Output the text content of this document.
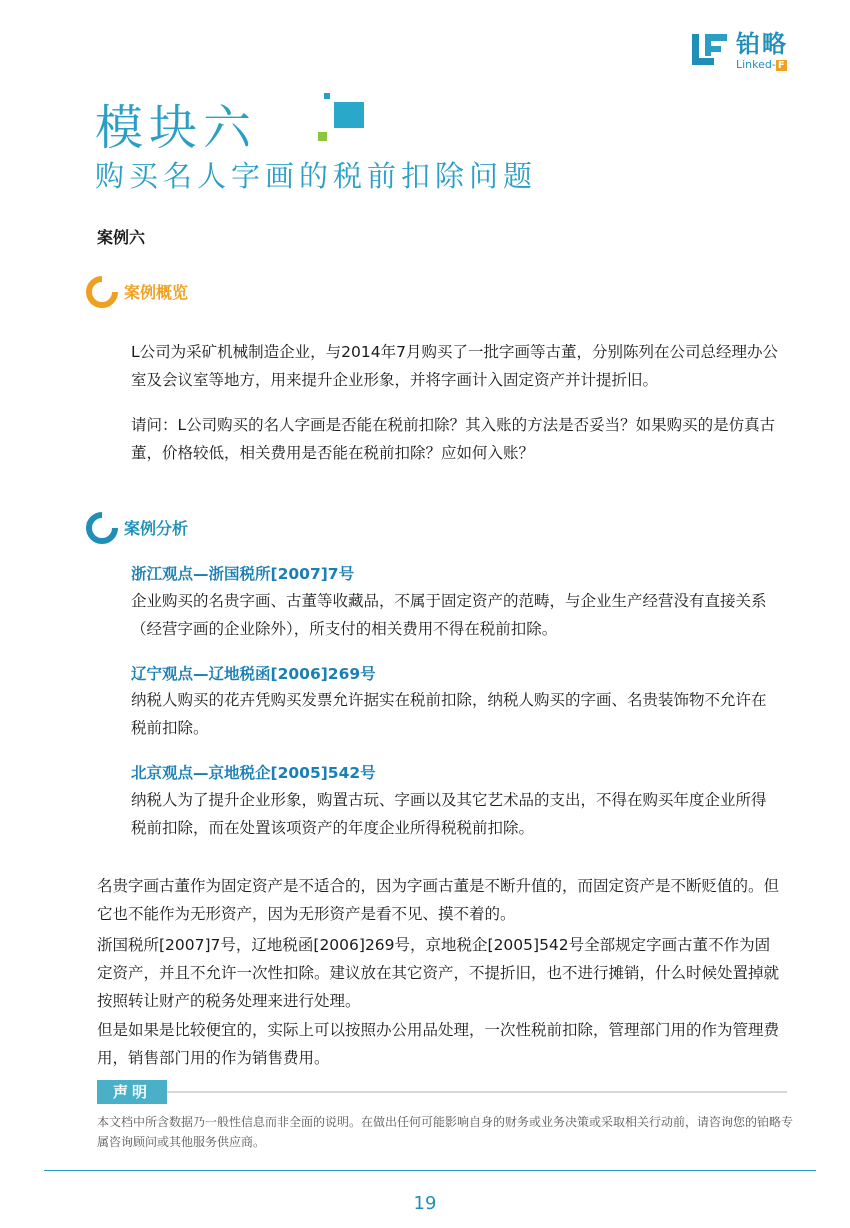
铂略
Linked- F
模块六
购买名人字画的税前扣除问题
案例六
案例概览
L公司为采矿机械制造企业，与2014年7月购买了一批字画等古董，分别陈列在公司总经理办公室及会议室等地方，用来提升企业形象，并将字画计入固定资产并计提折旧。
请问：L公司购买的名人字画是否能在税前扣除？其入账的方法是否妥当？如果购买的是仿真古董，价格较低，相关费用是否能在税前扣除？应如何入账？
案例分析
浙江观点—浙国税所[2007]7号
企业购买的名贵字画、古董等收藏品，不属于固定资产的范畴，与企业生产经营没有直接关系（经营字画的企业除外），所支付的相关费用不得在税前扣除。
辽宁观点—辽地税函[2006]269号
纳税人购买的花卉凭购买发票允许据实在税前扣除，纳税人购买的字画、名贵装饰物不允许在税前扣除。
北京观点—京地税企[2005]542号
纳税人为了提升企业形象，购置古玩、字画以及其它艺术品的支出，不得在购买年度企业所得税前扣除，而在处置该项资产的年度企业所得税税前扣除。
名贵字画古董作为固定资产是不适合的，因为字画古董是不断升值的，而固定资产是不断贬值的。但它也不能作为无形资产，因为无形资产是看不见、摸不着的。
浙国税所[2007]7号，辽地税函[2006]269号，京地税企[2005]542号全部规定字画古董不作为固定资产，并且不允许一次性扣除。建议放在其它资产，不提折旧，也不进行摊销，什么时候处置掉就按照转让财产的税务处理来进行处理。
但是如果是比较便宜的，实际上可以按照办公用品处理，一次性税前扣除，管理部门用的作为管理费用，销售部门用的作为销售费用。
声明
本文档中所含数据乃一般性信息而非全面的说明。在做出任何可能影响自身的财务或业务决策或采取相关行动前，请咨询您的铂略专属咨询顾问或其他服务供应商。
19
